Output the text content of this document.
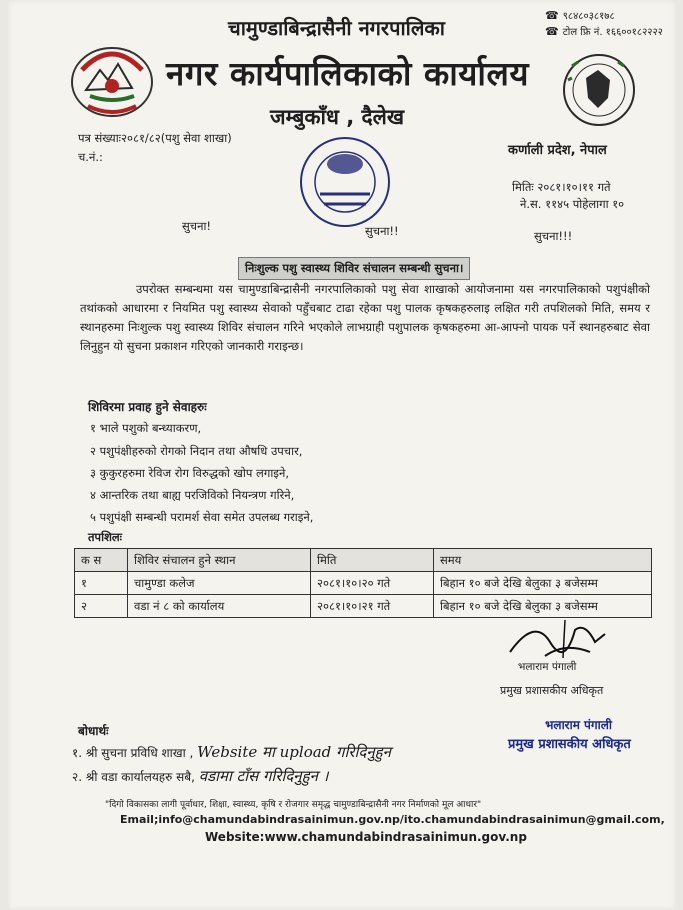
चामुण्डाबिन्द्रासैनी नगरपालिका
नगर कार्यपालिकाको कार्यालय
जम्बुकाँध , दैलेख
☎ ९८४८०३८१७८
☎ टोल फ्रि नं. १६६००१८२२२२
पत्र संख्याः२०८१/८२(पशु सेवा शाखा)
च.नं.:	कर्णाली प्रदेश, नेपाल
मितिः २०८१।१०।११ गते
ने.स. ११४५ पोहेलागा १०
सुचना!	सुचना!!	सुचना!!!
निःशुल्क पशु स्वास्थ्य शिविर संचालन सम्बन्धी सुचना।

उपरोक्त सम्बन्धमा यस चामुण्डाबिन्द्रासैनी नगरपालिकाको पशु सेवा शाखाको आयोजनामा यस नगरपालिकाको पशुपंक्षीको तथांकको आधारमा र नियमित पशु स्वास्थ्य सेवाको पहुँचबाट टाढा रहेका पशु पालक कृषकहरुलाइ लक्षित गरी तपशिलको मिति, समय र स्थानहरुमा निःशुल्क पशु स्वास्थ्य शिविर संचालन गरिने भएकोले लाभग्राही पशुपालक कृषकहरुमा आ-आफ्नो पायक पर्ने स्थानहरुबाट सेवा लिनुहुन यो सुचना प्रकाशन गरिएको जानकारी गराइन्छ।

शिविरमा प्रवाह हुने सेवाहरुः
१ भाले पशुको बन्ध्याकरण,
२ पशुपंक्षीहरुको रोगको निदान तथा औषधि उपचार,
३ कुकुरहरुमा रेविज रोग विरुद्धको खोप लगाइने,
४ आन्तरिक तथा बाह्य परजिविको नियन्त्रण गरिने,
५ पशुपंक्षी सम्बन्धी परामर्श सेवा समेत उपलब्ध गराइने,
तपशिलः
क स	शिविर संचालन हुने स्थान	मिति	समय
१	चामुण्डा कलेज	२०८१।१०।२० गते	बिहान १० बजे देखि बेलुका ३ बजेसम्म
२	वडा नं ८ को कार्यालय	२०८१।१०।२१ गते	बिहान १० बजे देखि बेलुका ३ बजेसम्म
भलाराम पंगाली
प्रमुख प्रशासकीय अधिकृत
भलाराम पंगाली
प्रमुख प्रशासकीय अधिकृत
बोधार्थः
१. श्री सुचना प्रविधि शाखा , Website मा upload गरिदिनुहुन
२. श्री वडा कार्यालयहरु सबै, वडामा टाँस गरिदिनुहुन ।
"दिगो विकासका लागी पूर्वाधार, शिक्षा, स्वास्थ्य, कृषि र रोजगार समृद्ध चामुण्डाबिन्द्रासैनी नगर निर्माणको मूल आधार"
Email;info@chamundabindrasainimun.gov.np/ito.chamundabindrasainimun@gmail.com,
Website:www.chamundabindrasainimun.gov.np
